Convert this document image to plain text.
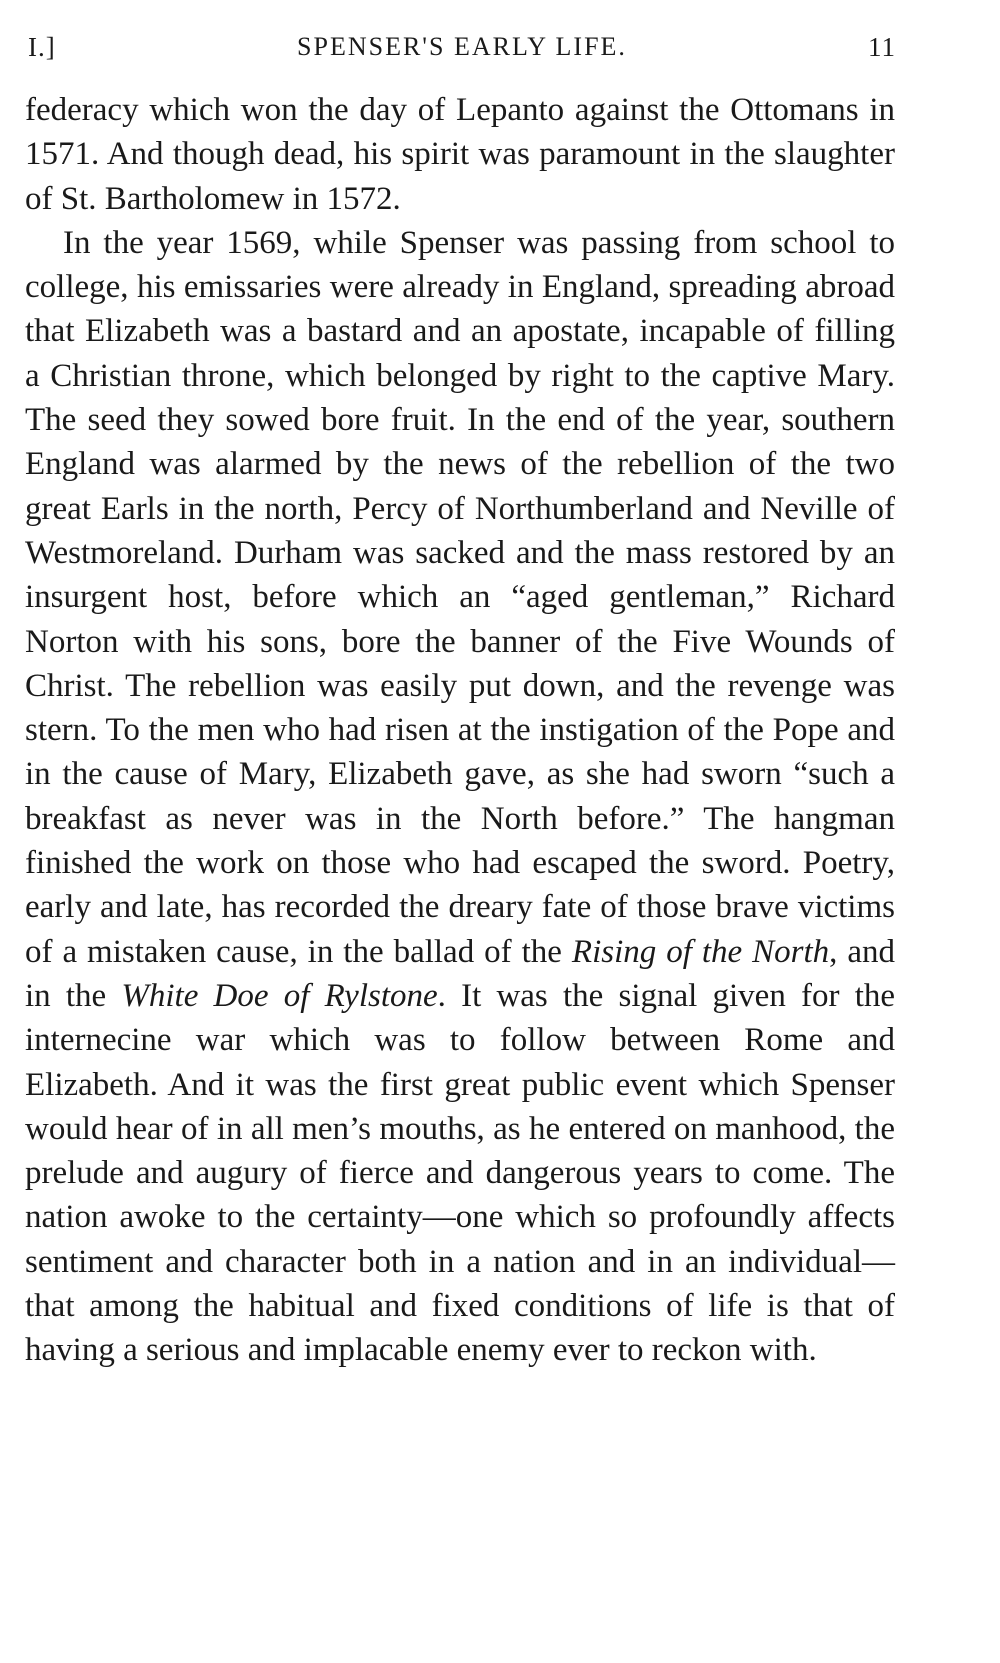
I.]	SPENSER'S EARLY LIFE.	11

federacy which won the day of Lepanto against the Ottomans in 1571. And though dead, his spirit was paramount in the slaughter of St. Bartholomew in 1572.

In the year 1569, while Spenser was passing from school to college, his emissaries were already in England, spreading abroad that Elizabeth was a bastard and an apostate, incapable of filling a Christian throne, which belonged by right to the captive Mary. The seed they sowed bore fruit. In the end of the year, southern England was alarmed by the news of the rebellion of the two great Earls in the north, Percy of Northumberland and Neville of Westmoreland. Durham was sacked and the mass restored by an insurgent host, before which an “aged gentleman,” Richard Norton with his sons, bore the banner of the Five Wounds of Christ. The rebellion was easily put down, and the revenge was stern. To the men who had risen at the instigation of the Pope and in the cause of Mary, Elizabeth gave, as she had sworn “such a breakfast as never was in the North before.” The hangman finished the work on those who had escaped the sword. Poetry, early and late, has recorded the dreary fate of those brave victims of a mistaken cause, in the ballad of the Rising of the North, and in the White Doe of Rylstone. It was the signal given for the internecine war which was to follow between Rome and Elizabeth. And it was the first great public event which Spenser would hear of in all men’s mouths, as he entered on manhood, the prelude and augury of fierce and dangerous years to come. The nation awoke to the certainty—one which so profoundly affects sentiment and character both in a nation and in an individual—that among the habitual and fixed conditions of life is that of having a serious and implacable enemy ever to reckon with.
